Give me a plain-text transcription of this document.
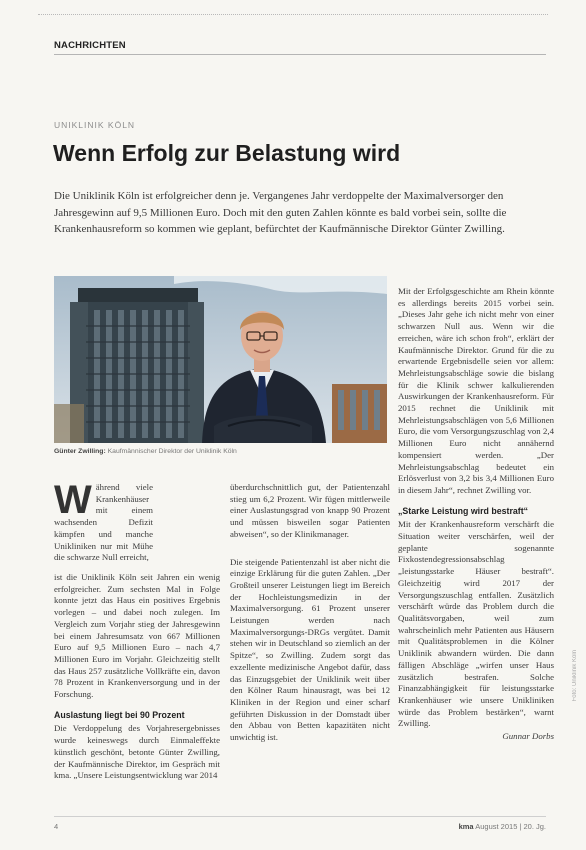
NACHRICHTEN
UNIKLINIK KÖLN
Wenn Erfolg zur Belastung wird

Die Uniklinik Köln ist erfolgreicher denn je. Vergangenes Jahr verdoppelte der Maximalversorger den Jahresgewinn auf 9,5 Millionen Euro. Doch mit den guten Zahlen könnte es bald vorbei sein, sollte die Krankenhausreform so kommen wie geplant, befürchtet der Kaufmännische Direktor Günter Zwilling.

Günter Zwilling: Kaufmännischer Direktor der Uniklinik Köln
W ährend viele Krankenhäuser mit einem wachsenden Defizit kämpfen und manche Unikliniken nur mit Mühe die schwarze Null erreicht,

ist die Uniklinik Köln seit Jahren ein wenig erfolgreicher. Zum sechsten Mal in Folge konnte jetzt das Haus ein positives Ergebnis vorlegen – und dabei noch zulegen. Im Vergleich zum Vorjahr stieg der Jahresgewinn bei einem Jahresumsatz von 667 Millionen Euro auf 9,5 Millionen Euro – nach 4,7 Millionen Euro im Vorjahr. Gleichzeitig stellt das Haus 257 zusätzliche Vollkräfte ein, davon 78 Prozent in Krankenversorgung und in der Forschung.

Auslastung liegt bei 90 Prozent

Die Verdoppelung des Vorjahresergebnisses wurde keineswegs durch Einmaleffekte künstlich geschönt, betonte Günter Zwilling, der Kaufmännische Direktor, im Gespräch mit kma. „Unsere Leistungsentwicklung war 2014

überdurchschnittlich gut, der Patientenzahl stieg um 6,2 Prozent. Wir fügen mittlerweile einer Auslastungsgrad von knapp 90 Prozent und müssen bisweilen sogar Patienten abweisen“, so der Klinikmanager.

Die steigende Patientenzahl ist aber nicht die einzige Erklärung für die guten Zahlen. „Der Großteil unserer Leistungen liegt im Bereich der Hochleistungsmedizin in der Maximalversorgung. 61 Prozent unserer Leistungen werden nach Maximalversorgungs-DRGs vergütet. Damit stehen wir in Deutschland so ziemlich an der Spitze“, so Zwilling. Zudem sorgt das exzellente medizinische Angebot dafür, dass das Einzugsgebiet der Uniklinik weit über den Kölner Raum hinausragt, was bei 12 Kliniken in der Region und einer scharf geführten Diskussion in der Domstadt über den Abbau von Betten kapazitäten nicht unwichtig ist.

Mit der Erfolgsgeschichte am Rhein könnte es allerdings bereits 2015 vorbei sein. „Dieses Jahr gehe ich nicht mehr von einer schwarzen Null aus. Wenn wir die erreichen, wäre ich schon froh“, erklärt der Kaufmännische Direktor. Grund für die zu erwartende Ergebnisdelle seien vor allem: Mehrleistungsabschläge sowie die bislang für die Klinik schwer kalkulierenden Auswirkungen der Krankenhausreform. Für 2015 rechnet die Uniklinik mit Mehrleistungsabschlägen von 5,6 Millionen Euro, die vom Versorgungszuschlag von 2,4 Millionen Euro nicht annähernd kompensiert werden. „Der Mehrleistungsabschlag bedeutet ein Erlösverlust von 3,2 bis 3,4 Millionen Euro in diesem Jahr“, rechnet Zwilling vor.

„Starke Leistung wird bestraft“

Mit der Krankenhausreform verschärft die Situation weiter verschärfen, weil der geplante sogenannte Fixkostendegressionsabschlag „leistungsstarke Häuser bestraft“. Gleichzeitig wird 2017 der Versorgungszuschlag entfallen. Zusätzlich verschärft würde das Problem durch die Qualitätsvorgaben, weil zum wahrscheinlich mehr Patienten aus Häusern mit Qualitätsproblemen in die Kölner Uniklinik abwandern würden. Die dann fälligen Abschläge „wirfen unser Haus zusätzlich bestrafen. Solche Finanzabhängigkeit für leistungsstarke Krankenhäuser wie unsere Unikliniken würde das Problem bestärken“, warnt Zwilling.

Gunnar Dorbs
Foto: Uniklinik Köln
4	kma August 2015 | 20. Jg.
